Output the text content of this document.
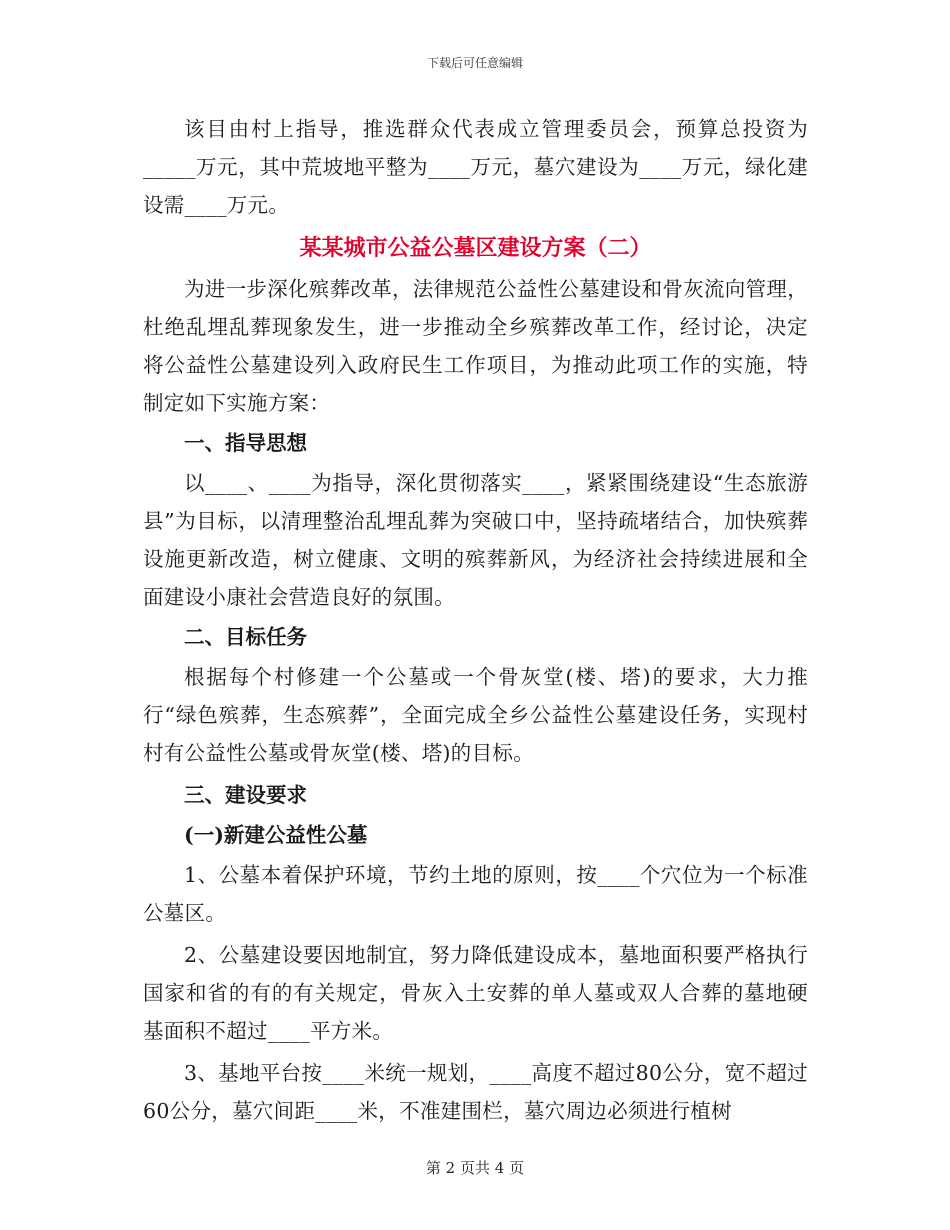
下载后可任意编辑

该目由村上指导，推选群众代表成立管理委员会，预算总投资为_____万元，其中荒坡地平整为____万元，墓穴建设为____万元，绿化建设需____万元。

某某城市公益公墓区建设方案（二）

为进一步深化殡葬改革，法律规范公益性公墓建设和骨灰流向管理，杜绝乱埋乱葬现象发生，进一步推动全乡殡葬改革工作，经讨论，决定将公益性公墓建设列入政府民生工作项目，为推动此项工作的实施，特制定如下实施方案：

一、指导思想

以____、____为指导，深化贯彻落实____，紧紧围绕建设“生态旅游县”为目标，以清理整治乱埋乱葬为突破口中，坚持疏堵结合，加快殡葬设施更新改造，树立健康、文明的殡葬新风，为经济社会持续进展和全面建设小康社会营造良好的氛围。

二、目标任务

根据每个村修建一个公墓或一个骨灰堂(楼、塔)的要求，大力推行“绿色殡葬，生态殡葬”，全面完成全乡公益性公墓建设任务，实现村村有公益性公墓或骨灰堂(楼、塔)的目标。

三、建设要求
(一)新建公益性公墓

1、公墓本着保护环境，节约土地的原则，按____个穴位为一个标准公墓区。

2、公墓建设要因地制宜，努力降低建设成本，墓地面积要严格执行国家和省的有的有关规定，骨灰入土安葬的单人墓或双人合葬的墓地硬基面积不超过____平方米。

3、基地平台按____米统一规划，____高度不超过80公分，宽不超过60公分，墓穴间距____米，不准建围栏，墓穴周边必须进行植树

第 2 页共 4 页
